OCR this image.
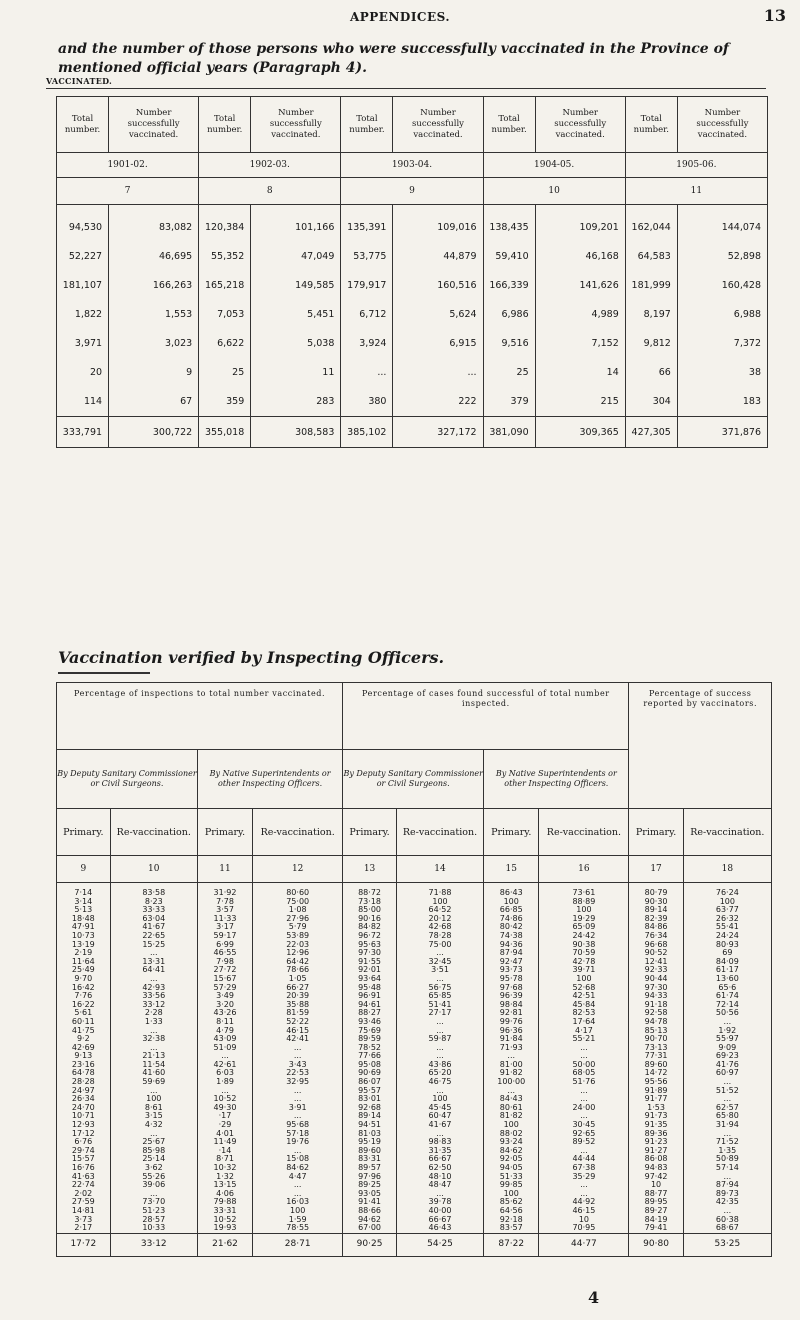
APPENDICES.	13
and the number of those persons who were successfully vaccinated in the Province of mentioned official years (Paragraph 4).
VACCINATED.
Total number.	Number successfully vaccinated.	Total number.	Number successfully vaccinated.	Total number.	Number successfully vaccinated.	Total number.	Number successfully vaccinated.	Total number.	Number successfully vaccinated.
1901-02.		1902-03.		1903-04.		1904-05.		1905-06.	
7		8		9		10		11	

94,530	83,082	120,384	101,166	135,391	109,016	138,435	109,201	162,044	144,074
52,227	46,695	55,352	47,049	53,775	44,879	59,410	46,168	64,583	52,898
181,107	166,263	165,218	149,585	179,917	160,516	166,339	141,626	181,999	160,428
1,822	1,553	7,053	5,451	6,712	5,624	6,986	4,989	8,197	6,988
3,971	3,023	6,622	5,038	3,924	6,915	9,516	7,152	9,812	7,372
20	9	25	11	...	...	25	14	66	38
114	67	359	283	380	222	379	215	304	183
333,791	300,722	355,018	308,583	385,102	327,172	381,090	309,365	427,305	371,876
Vaccination verified by Inspecting Officers.
Percentage of inspections to total number vaccinated.				Percentage of cases found successful of total number inspected.				Percentage of success reported by vaccinators.	
By Deputy Sanitary Commissioner or Civil Surgeons.		By Native Superintendents or other Inspecting Officers.		By Deputy Sanitary Commissioner or Civil Surgeons.		By Native Superintendents or other Inspecting Officers.			
Primary.	Re-vaccination.	Primary.	Re-vaccination.	Primary.	Re-vaccination.	Primary.	Re-vaccination.	Primary.	Re-vaccination.
9	10	11	12	13	14	15	16	17	18

7·14	83·58	31·92	80·60	88·72	71·88	86·43	73·61	80·79	76·24
3·14	8·23	7·78	75·00	73·18	100	100	88·89	90·30	100
5·13	33·33	3·57	1·08	85·00	64·52	66·85	100	89·14	63·77
18·48	63·04	11·33	27·96	90·16	20·12	74·86	19·29	82·39	26·32
47·91	41·67	3·17	5·79	84·82	42·68	80·42	65·09	84·86	55·41
10·73	22·65	59·17	53·89	96·72	78·28	74·38	24·42	76·34	24·24
13·19	15·25	6·99	22·03	95·63	75·00	94·36	90·38	96·68	80·93
2·19	...	46·55	12·96	97·30	...	87·94	70·59	90·52	69
11·64	13·31	7·98	64·42	91·55	32·45	92·47	42·78	12·41	84·09
25·49	64·41	27·72	78·66	92·01	3·51	93·73	39·71	92·33	61·17
9·70	...	15·67	1·05	93·64	...	95·78	100	90·44	13·60
16·42	42·93	57·29	66·27	95·48	56·75	97·68	52·68	97·30	65·6
7·76	33·56	3·49	20·39	96·91	65·85	96·39	42·51	94·33	61·74
16·22	33·12	3·20	35·88	94·61	51·41	98·84	45·84	91·18	72·14
5·61	2·28	43·26	81·59	88·27	27·17	92·81	82·53	92·58	50·56
60·11	1·33	8·11	52·22	93·46	...	99·76	17·64	94·78	...
41·75	...	4·79	46·15	75·69	...	96·36	4·17	85·13	1·92
9·2	32·38	43·09	42·41	89·59	59·87	91·84	55·21	90·70	55·97
42·69	...	51·09	...	78·52	...	71·93	...	73·13	9·09
9·13	21·13	...	...	77·66	...	...	...	77·31	69·23
23·16	11·54	42·61	3·43	95·08	43·86	81·00	50·00	89·60	41·76
64·78	41·60	6·03	22·53	90·69	65·20	91·82	68·05	14·72	60·97
28·28	59·69	1·89	32·95	86·07	46·75	100·00	51·76	95·56	...
24·97	...	...	...	95·57	...	...	...	91·89	51·52
26·34	100	10·52	...	83·01	100	84·43	...	91·77	...
24·70	8·61	49·30	3·91	92·68	45·45	80·61	24·00	1·53	62·57
10·71	3·15	·17	...	89·14	60·47	81·82	...	91·73	65·80
12·93	4·32	·29	95·68	94·51	41·67	100	30·45	91·35	31·94
17·12	...	4·01	57·18	81·03	...	88·02	92·65	89·36	...
6·76	25·67	11·49	19·76	95·19	98·83	93·24	89·52	91·23	71·52
29·74	85·98	·14	...	89·60	31·35	84·62	...	91·27	1·35
15·57	25·14	8·71	15·08	83·31	66·67	92·05	44·44	86·08	50·89
16·76	3·62	10·32	84·62	89·57	62·50	94·05	67·38	94·83	57·14
41·63	55·26	1·32	4·47	97·96	48·10	51·33	35·29	97·42	...
22·74	39·06	13·15	...	89·25	48·47	99·85	...	10	87·94
2·02	...	4·06	...	93·05	...	100	...	88·77	89·73
27·59	73·70	79·88	16·03	91·41	39·78	85·62	44·92	89·95	42·35
14·81	51·23	33·31	100	88·66	40·00	64·56	46·15	89·27	...
3·73	28·57	10·52	1·59	94·62	66·67	92·18	10	84·19	60·38
2·17	10·33	19·93	78·55	67·00	46·43	83·57	70·95	79·41	68·67
17·72	33·12	21·62	28·71	90·25	54·25	87·22	44·77	90·80	53·25
4
